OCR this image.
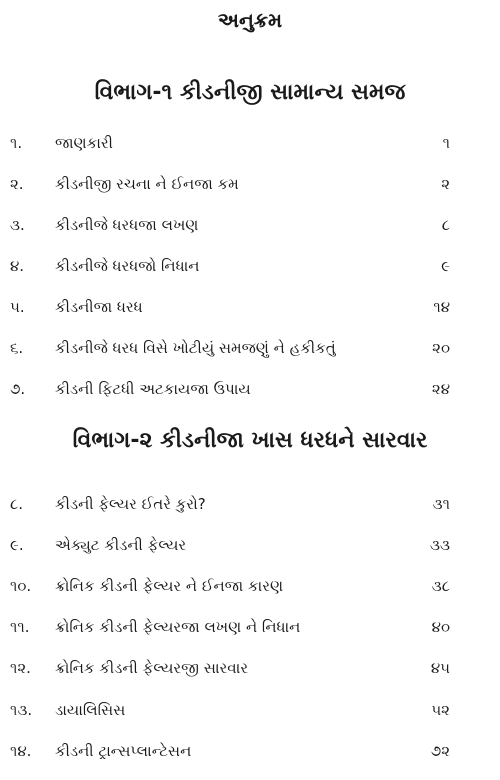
અનુક્રમ
વિભાગ-૧ કીડનીજી સામાન્ય સમજ
૧. જાણકારી	૧
૨. કીડનીજી રચના ને ઈનજા કમ	૨
૩. કીડનીજે ધરધજા લખણ	૮
૪. કીડનીજે ધરધજો નિધાન	૯
૫. કીડનીજા ધરધ	૧૪
૬. કીડનીજે ધરધ વિસે ખોટીયું સમજણું ને હકીકતું	૨૦
૭. કીડની ફિટધી અટકાયજા ઉપાય	૨૪
વિભાગ-૨ કીડનીજા ખાસ ધરધને સારવાર
૮. કીડની ફેલ્યર ઈતરે કુરો?	૩૧
૯. એક્યુટ કીડની ફેલ્યર	૩૩
૧૦. ક્રોનિક કીડની ફેલ્યર ને ઈનજા કારણ	૩૮
૧૧. ક્રોનિક કીડની ફેલ્યરજા લખણ ને નિધાન	૪૦
૧૨. ક્રોનિક કીડની ફેલ્યરજી સારવાર	૪૫
૧૩. ડાયાલિસિસ	૫૨
૧૪. કીડની ટ્રાન્સપ્લાન્ટેસન	૭૨
